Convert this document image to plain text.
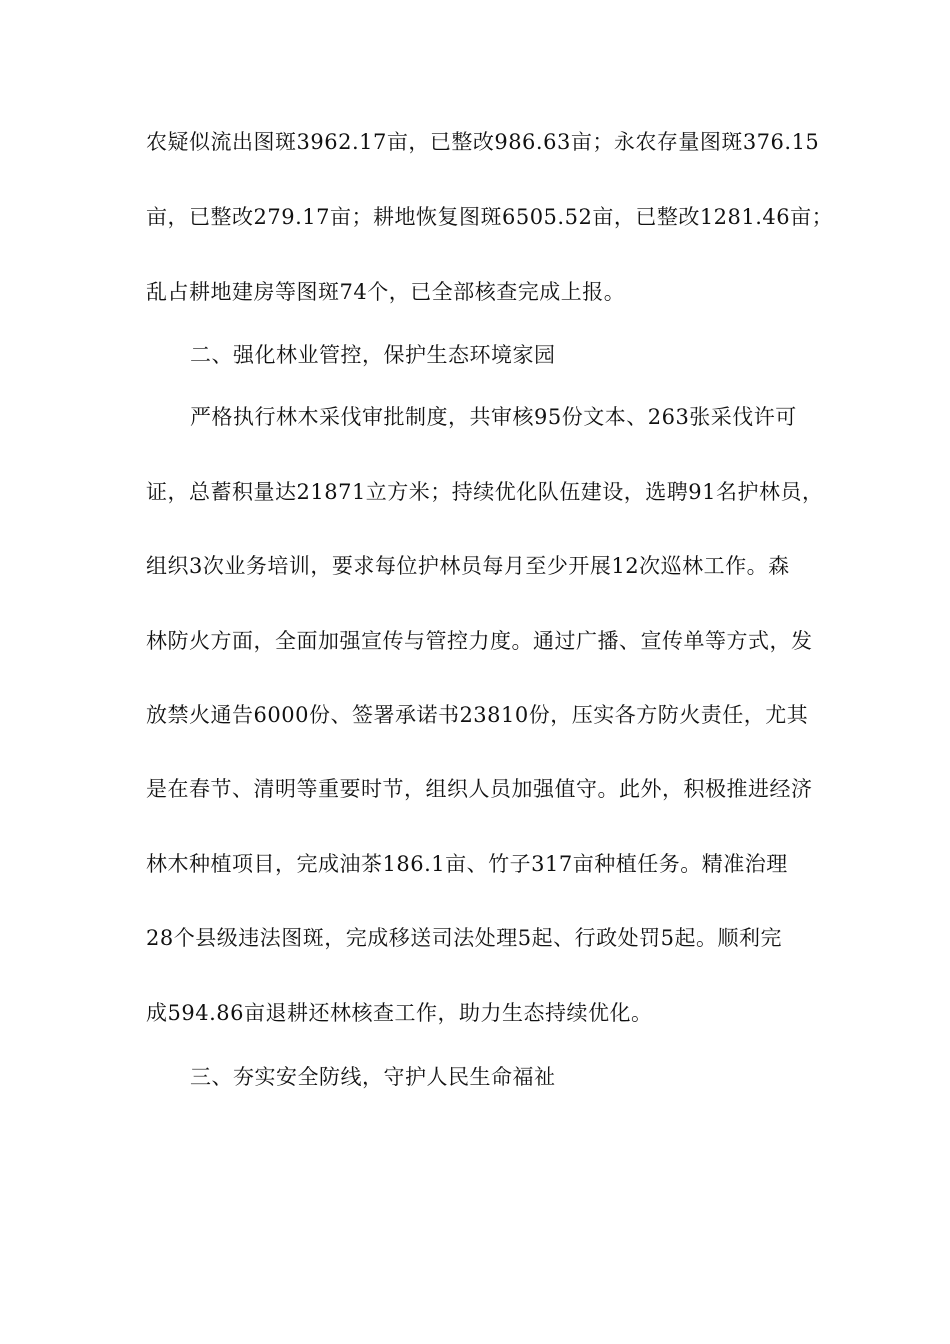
农疑似流出图斑3962.17亩，已整改986.63亩；永农存量图斑376.15
亩，已整改279.17亩；耕地恢复图斑6505.52亩，已整改1281.46亩；
乱占耕地建房等图斑74个，已全部核查完成上报。
二、强化林业管控，保护生态环境家园
严格执行林木采伐审批制度，共审核95份文本、263张采伐许可
证，总蓄积量达21871立方米；持续优化队伍建设，选聘91名护林员，
组织3次业务培训，要求每位护林员每月至少开展12次巡林工作。森
林防火方面，全面加强宣传与管控力度。通过广播、宣传单等方式，发
放禁火通告6000份、签署承诺书23810份，压实各方防火责任，尤其
是在春节、清明等重要时节，组织人员加强值守。此外，积极推进经济
林木种植项目，完成油茶186.1亩、竹子317亩种植任务。精准治理
28个县级违法图斑，完成移送司法处理5起、行政处罚5起。顺利完
成594.86亩退耕还林核查工作，助力生态持续优化。
三、夯实安全防线，守护人民生命福祉
